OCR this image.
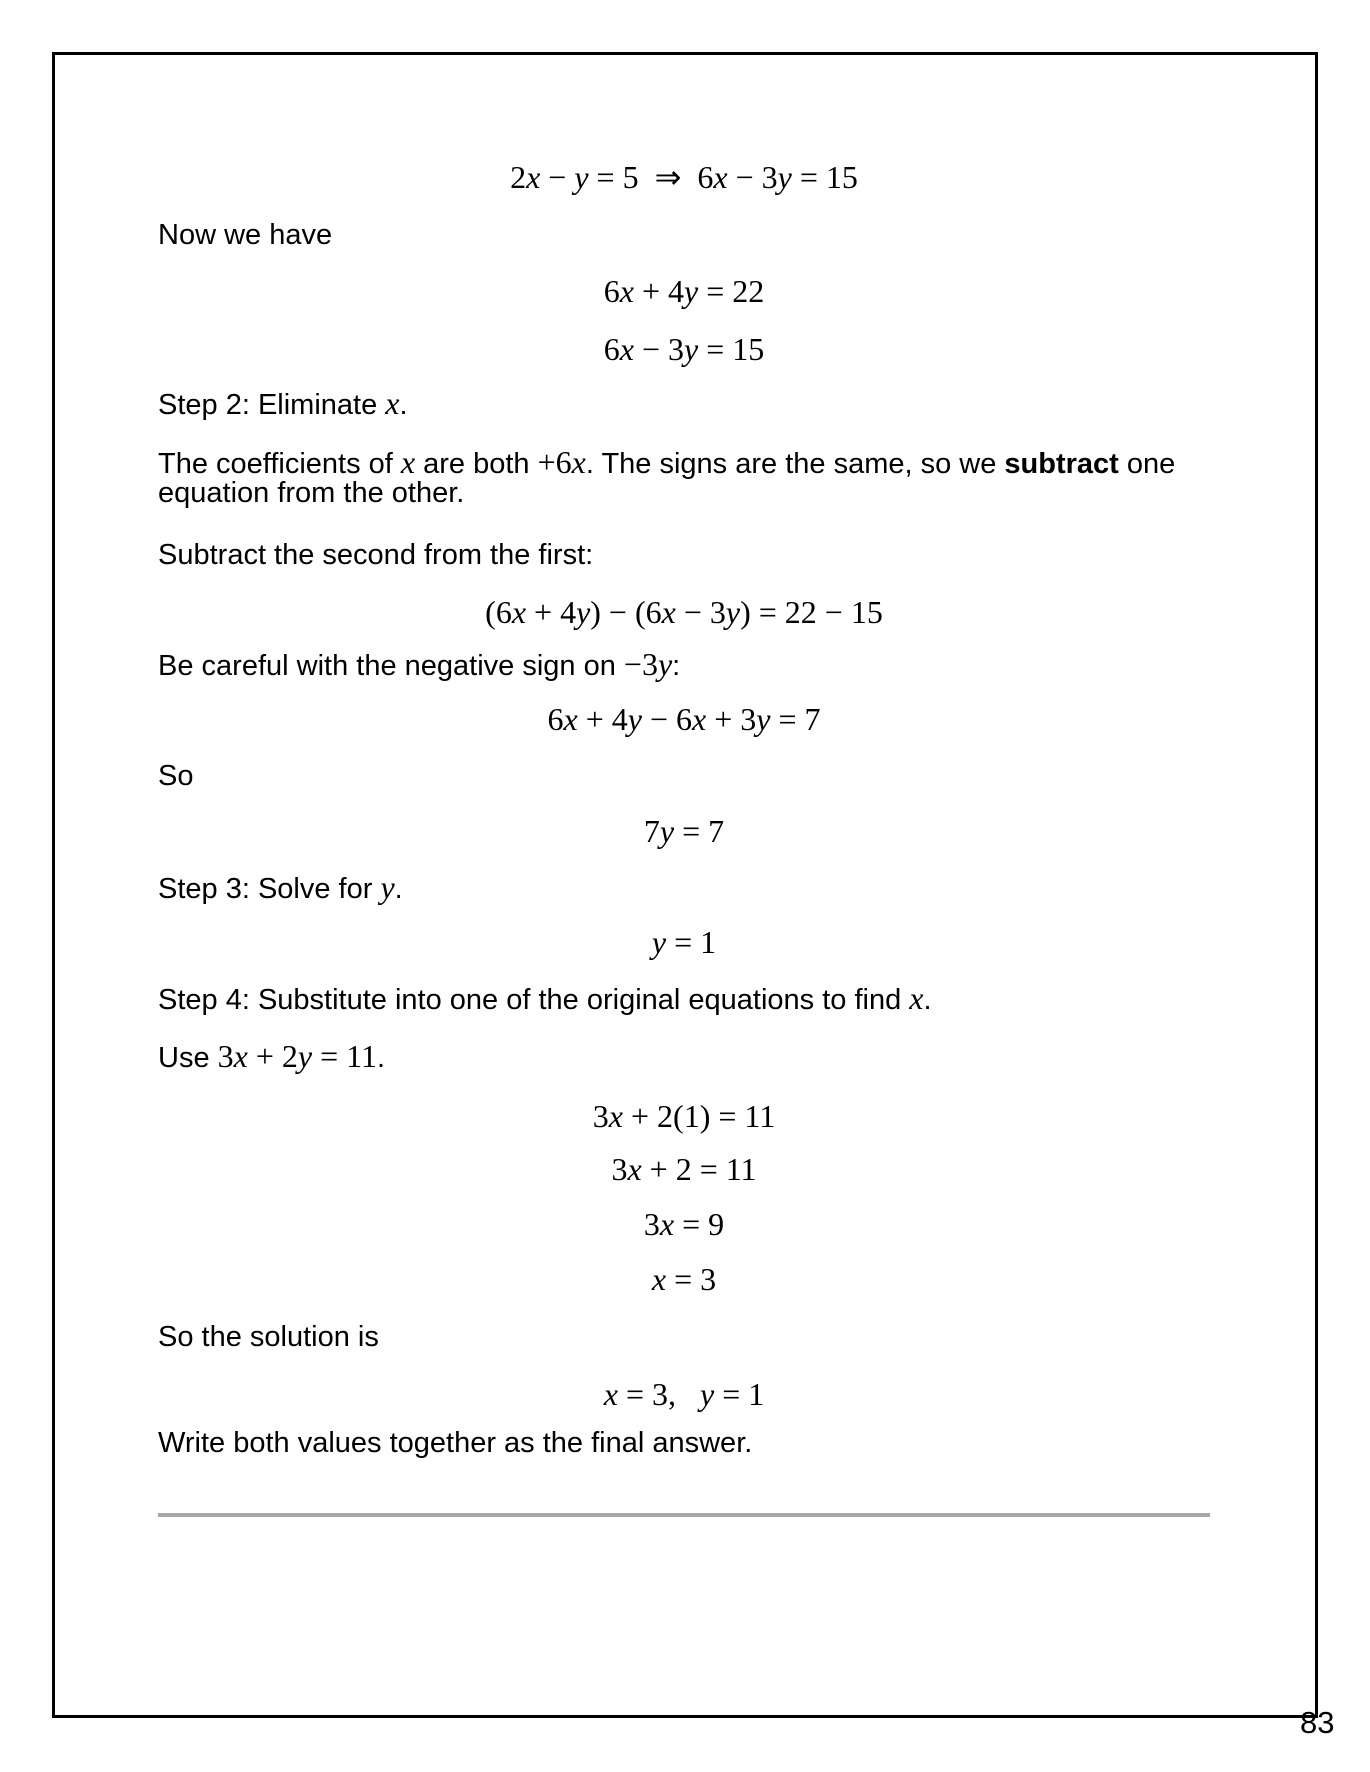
2x − y = 5  ⇒  6x − 3y = 15
Now we have
6x + 4y = 22
6x − 3y = 15
Step 2: Eliminate x.
The coefficients of x are both +6x. The signs are the same, so we subtract one
equation from the other.
Subtract the second from the first:
(6x + 4y) − (6x − 3y) = 22 − 15
Be careful with the negative sign on −3y:
6x + 4y − 6x + 3y = 7
So
7y = 7
Step 3: Solve for y.
y = 1
Step 4: Substitute into one of the original equations to find x.
Use 3x + 2y = 11.
3x + 2(1) = 11
3x + 2 = 11
3x = 9
x = 3
So the solution is
x = 3,  y = 1
Write both values together as the final answer.
83
